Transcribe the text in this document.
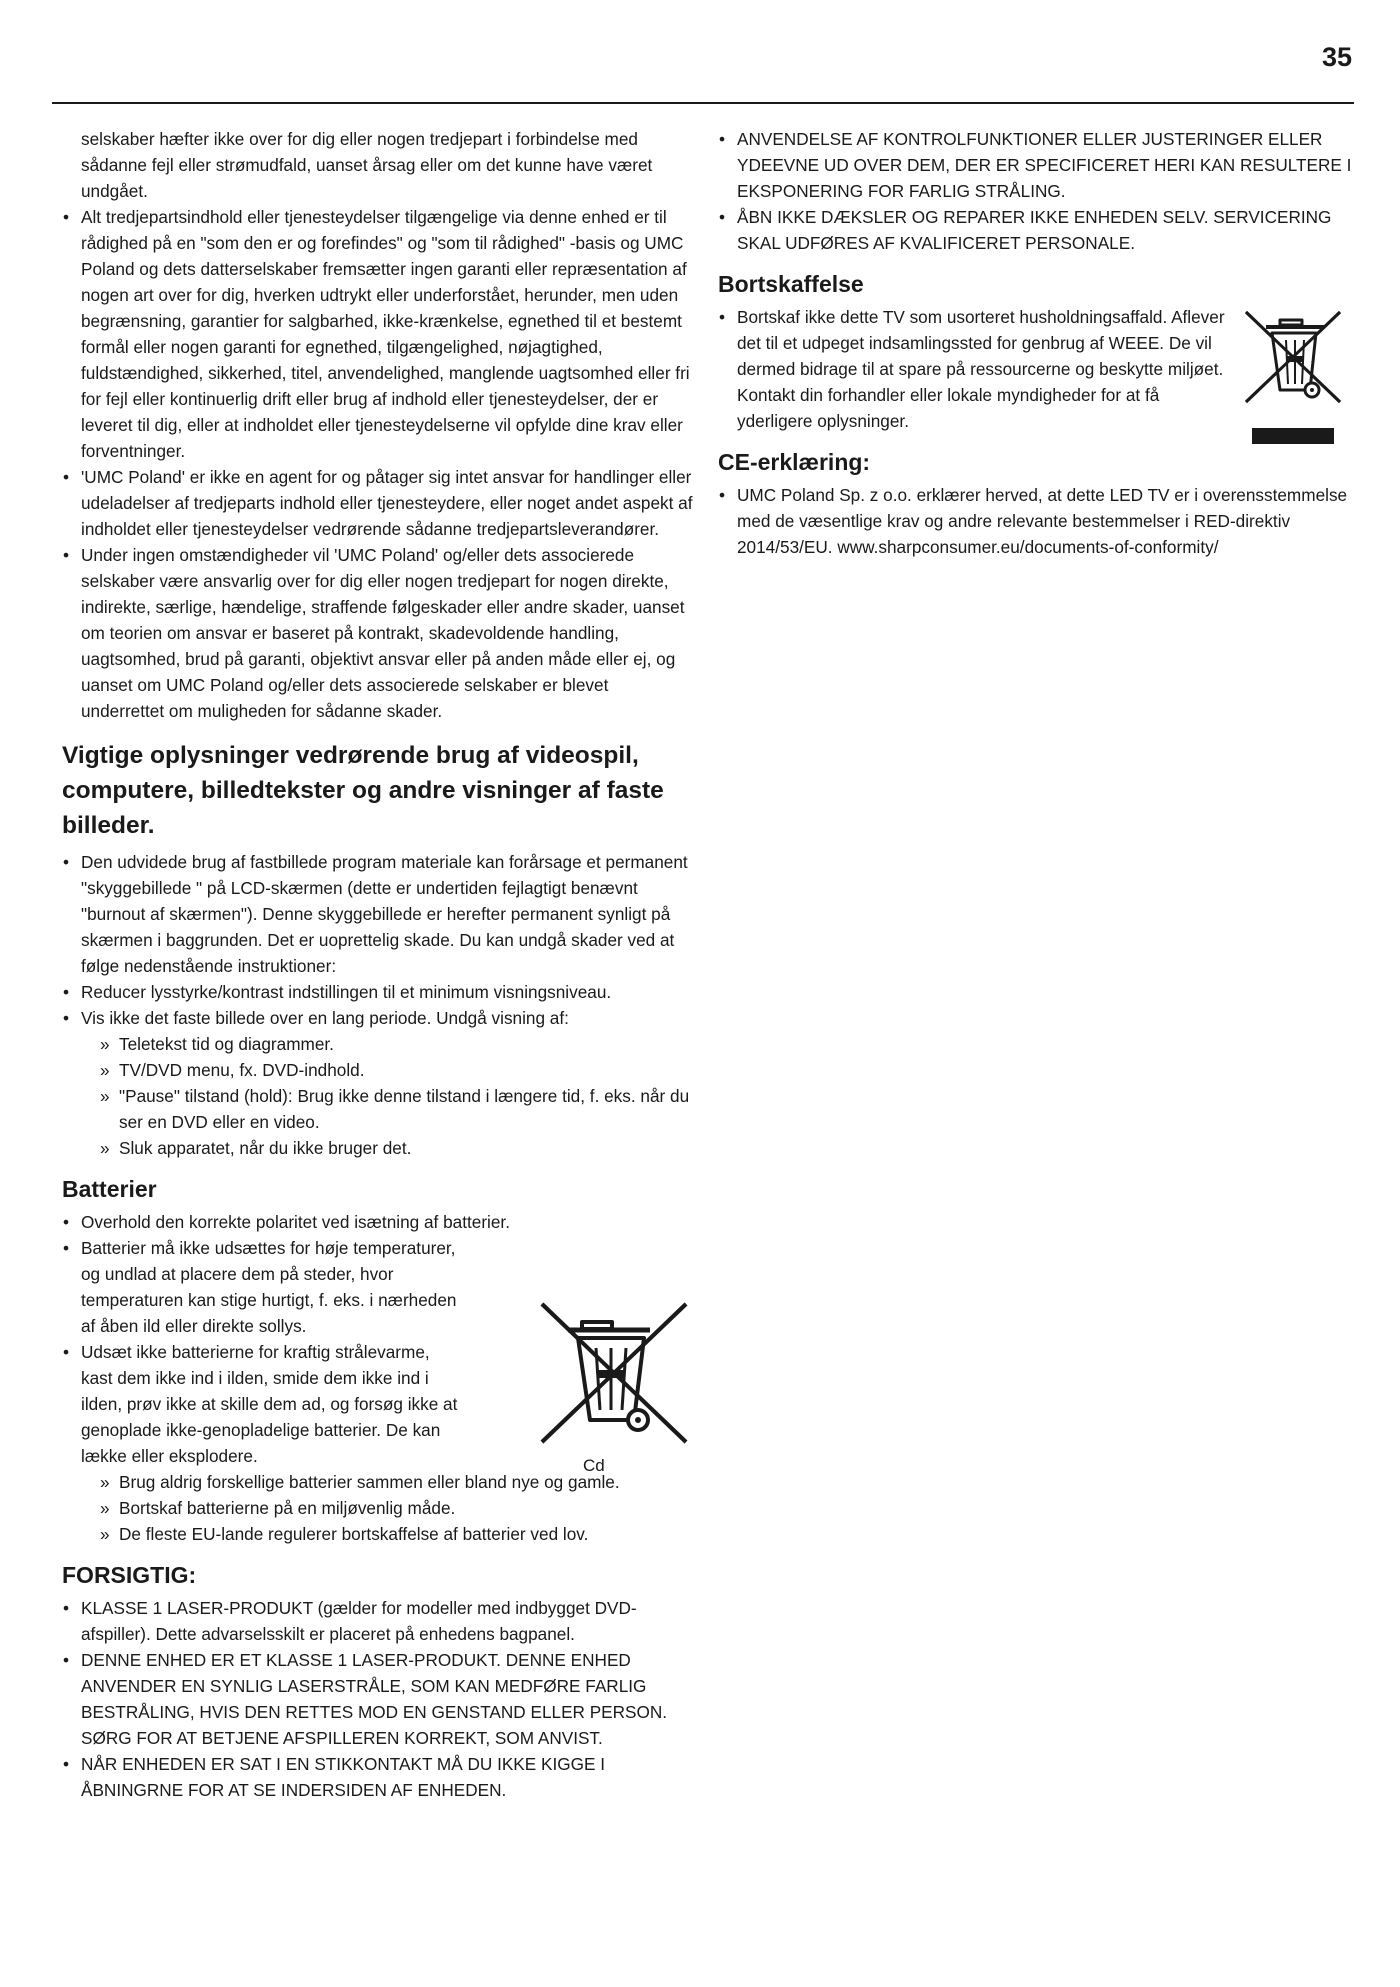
35

selskaber hæfter ikke over for dig eller nogen tredjepart i forbindelse med sådanne fejl eller strømudfald, uanset årsag eller om det kunne have været undgået.

• Alt tredjepartsindhold eller tjenesteydelser tilgængelige via denne enhed er til rådighed på en "som den er og forefindes" og "som til rådighed" -basis og UMC Poland og dets datterselskaber fremsætter ingen garanti eller repræsentation af nogen art over for dig, hverken udtrykt eller underforstået, herunder, men uden begrænsning, garantier for salgbarhed, ikke-krænkelse, egnethed til et bestemt formål eller nogen garanti for egnethed, tilgængelighed, nøjagtighed, fuldstændighed, sikkerhed, titel, anvendelighed, manglende uagtsomhed eller fri for fejl eller kontinuerlig drift eller brug af indhold eller tjenesteydelser, der er leveret til dig, eller at indholdet eller tjenesteydelserne vil opfylde dine krav eller forventninger.
• 'UMC Poland' er ikke en agent for og påtager sig intet ansvar for handlinger eller udeladelser af tredjeparts indhold eller tjenesteydere, eller noget andet aspekt af indholdet eller tjenesteydelser vedrørende sådanne tredjepartsleverandører.
• Under ingen omstændigheder vil 'UMC Poland' og/eller dets associerede selskaber være ansvarlig over for dig eller nogen tredjepart for nogen direkte, indirekte, særlige, hændelige, straffende følgeskader eller andre skader, uanset om teorien om ansvar er baseret på kontrakt, skadevoldende handling, uagtsomhed, brud på garanti, objektivt ansvar eller på anden måde eller ej, og uanset om UMC Poland og/eller dets associerede selskaber er blevet underrettet om muligheden for sådanne skader.
Vigtige oplysninger vedrørende brug af videospil, computere, billedtekster og andre visninger af faste billeder.
• Den udvidede brug af fastbillede program materiale kan forårsage et permanent "skyggebillede " på LCD-skærmen (dette er undertiden fejlagtigt benævnt "burnout af skærmen"). Denne skyggebillede er herefter permanent synligt på skærmen i baggrunden. Det er uoprettelig skade. Du kan undgå skader ved at følge nedenstående instruktioner:
• Reducer lysstyrke/kontrast indstillingen til et minimum visningsniveau.
• Vis ikke det faste billede over en lang periode. Undgå visning af:
» Teletekst tid og diagrammer.
» TV/DVD menu, fx. DVD-indhold.
» "Pause" tilstand (hold): Brug ikke denne tilstand i længere tid, f. eks. når du ser en DVD eller en video.
» Sluk apparatet, når du ikke bruger det.
Batterier
• Overhold den korrekte polaritet ved isætning af batterier.
• Batterier må ikke udsættes for høje temperaturer, og undlad at placere dem på steder, hvor temperaturen kan stige hurtigt, f. eks. i nærheden af åben ild eller direkte sollys.
• Udsæt ikke batterierne for kraftig strålevarme, kast dem ikke ind i ilden, smide dem ikke ind i ilden, prøv ikke at skille dem ad, og forsøg ikke at genoplade ikke-genopladelige batterier. De kan lække eller eksplodere.
» Brug aldrig forskellige batterier sammen eller bland nye og gamle.
» Bortskaf batterierne på en miljøvenlig måde.
» De fleste EU-lande regulerer bortskaffelse af batterier ved lov.
FORSIGTIG:
• KLASSE 1 LASER-PRODUKT (gælder for modeller med indbygget DVD-afspiller). Dette advarselsskilt er placeret på enhedens bagpanel.
• DENNE ENHED ER ET KLASSE 1 LASER-PRODUKT. DENNE ENHED ANVENDER EN SYNLIG LASERSTRÅLE, SOM KAN MEDFØRE FARLIG BESTRÅLING, HVIS DEN RETTES MOD EN GENSTAND ELLER PERSON. SØRG FOR AT BETJENE AFSPILLEREN KORREKT, SOM ANVIST.
• NÅR ENHEDEN ER SAT I EN STIKKONTAKT MÅ DU IKKE KIGGE I ÅBNINGRNE FOR AT SE INDERSIDEN AF ENHEDEN.
Cd
• ANVENDELSE AF KONTROLFUNKTIONER ELLER JUSTERINGER ELLER YDEEVNE UD OVER DEM, DER ER SPECIFICERET HERI KAN RESULTERE I EKSPONERING FOR FARLIG STRÅLING.
• ÅBN IKKE DÆKSLER OG REPARER IKKE ENHEDEN SELV. SERVICERING SKAL UDFØRES AF KVALIFICERET PERSONALE.
Bortskaffelse
• Bortskaf ikke dette TV som usorteret husholdningsaffald. Aflever det til et udpeget indsamlingssted for genbrug af WEEE. De vil dermed bidrage til at spare på ressourcerne og beskytte miljøet. Kontakt din forhandler eller lokale myndigheder for at få yderligere oplysninger.
CE-erklæring:
• UMC Poland Sp. z o.o. erklærer herved, at dette LED TV er i overensstemmelse med de væsentlige krav og andre relevante bestemmelser i RED-direktiv 2014/53/EU. www.sharpconsumer.eu/documents-of-conformity/
